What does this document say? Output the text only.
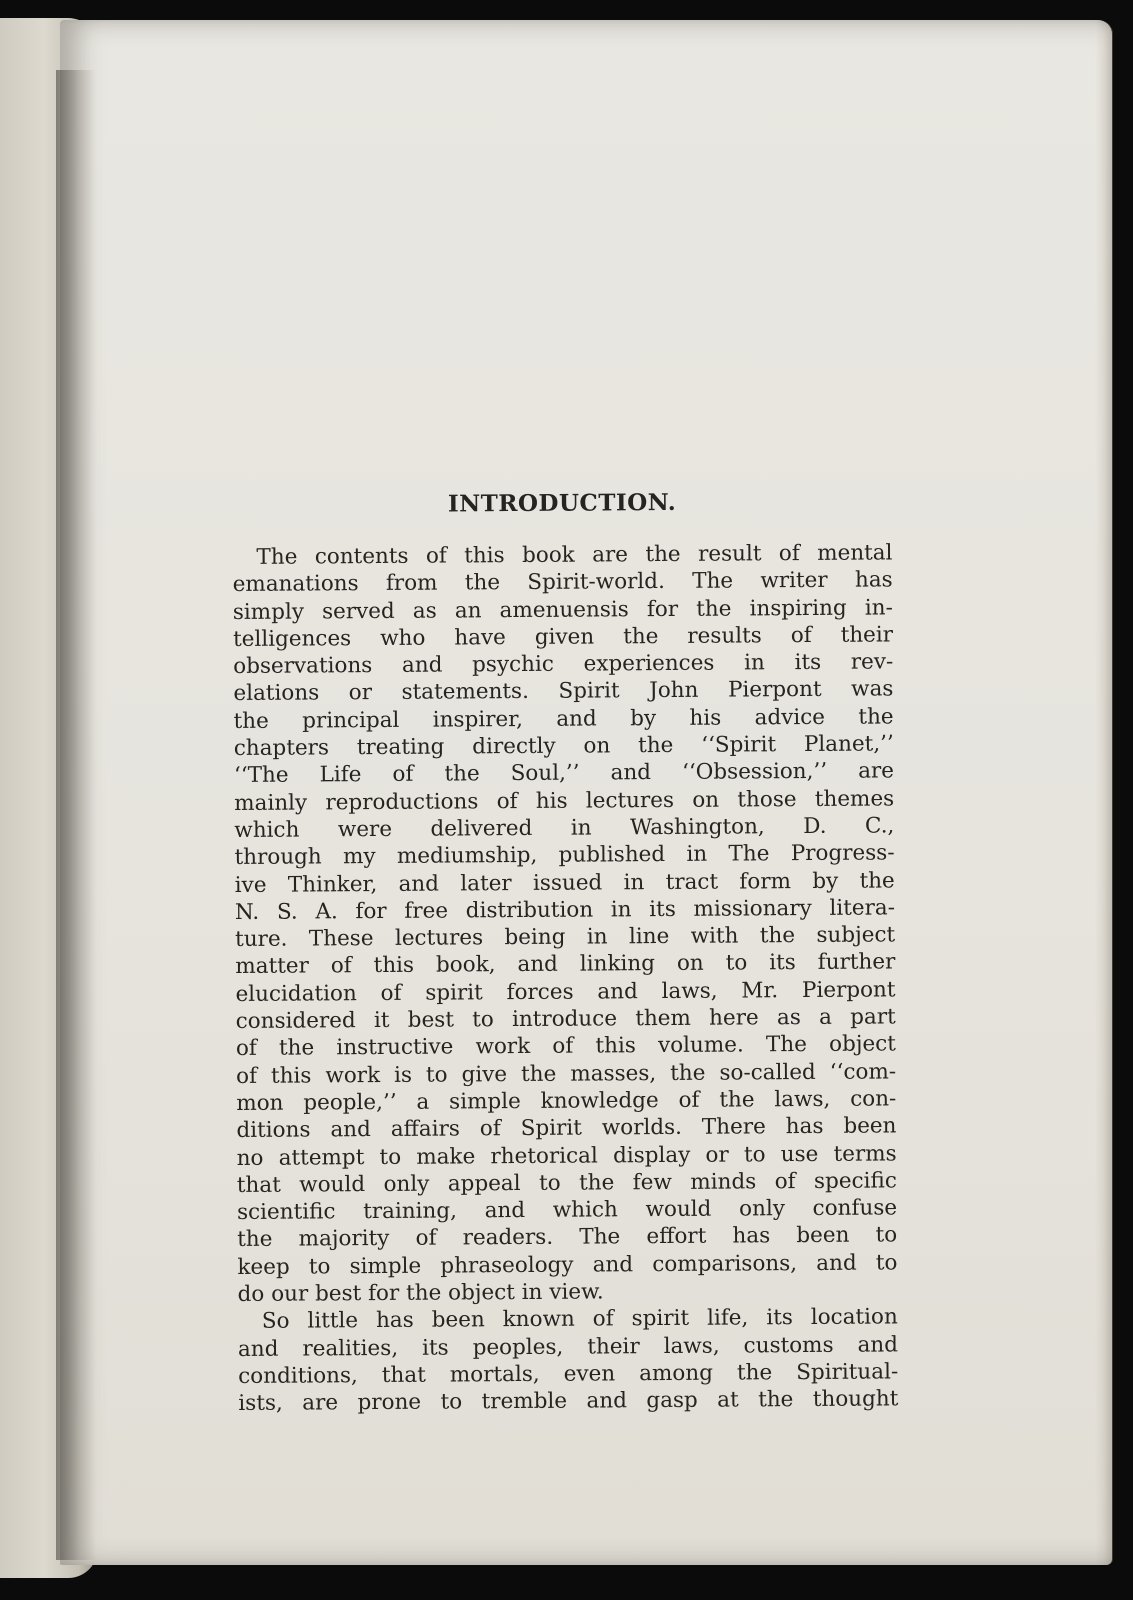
INTRODUCTION.

The contents of this book are the result of mental

emanations from the Spirit-world. The writer has

simply served as an amenuensis for the inspiring in-

telligences who have given the results of their

observations and psychic experiences in its rev-

elations or statements. Spirit John Pierpont was

the principal inspirer, and by his advice the

chapters treating directly on the ‘‘Spirit Planet,’’

‘‘The Life of the Soul,’’ and ‘‘Obsession,’’ are

mainly reproductions of his lectures on those themes

which were delivered in Washington, D. C.,

through my mediumship, published in The Progress-

ive Thinker, and later issued in tract form by the

N. S. A. for free distribution in its missionary litera-

ture. These lectures being in line with the subject

matter of this book, and linking on to its further

elucidation of spirit forces and laws, Mr. Pierpont

considered it best to introduce them here as a part

of the instructive work of this volume. The object

of this work is to give the masses, the so-called ‘‘com-

mon people,’’ a simple knowledge of the laws, con-

ditions and affairs of Spirit worlds. There has been

no attempt to make rhetorical display or to use terms

that would only appeal to the few minds of specific

scientific training, and which would only confuse

the majority of readers. The effort has been to

keep to simple phraseology and comparisons, and to

do our best for the object in view.

So little has been known of spirit life, its location

and realities, its peoples, their laws, customs and

conditions, that mortals, even among the Spiritual-

ists, are prone to tremble and gasp at the thought
